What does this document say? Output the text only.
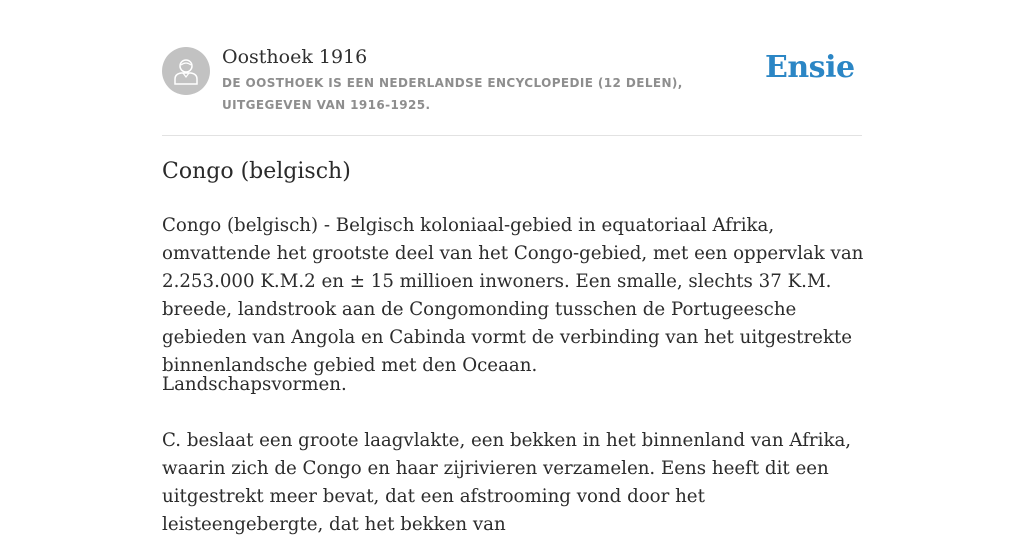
Oosthoek 1916
DE OOSTHOEK IS EEN NEDERLANDSE ENCYCLOPEDIE (12 DELEN), UITGEGEVEN VAN 1916-1925.
Ensie
Congo (belgisch)

Congo (belgisch) - Belgisch koloniaal-gebied in equatoriaal Afrika, omvattende het grootste deel van het Congo-gebied, met een oppervlak van 2.253.000 K.M.2 en ± 15 millioen inwoners. Een smalle, slechts 37 K.M. breede, landstrook aan de Congomonding tusschen de Portugeesche gebieden van Angola en Cabinda vormt de verbinding van het uitgestrekte binnenlandsche gebied met den Oceaan.

Landschapsvormen.

C. beslaat een groote laagvlakte, een bekken in het binnenland van Afrika, waarin zich de Congo en haar zijrivieren verzamelen. Eens heeft dit een uitgestrekt meer bevat, dat een afstrooming vond door het leisteengebergte, dat het bekken van
